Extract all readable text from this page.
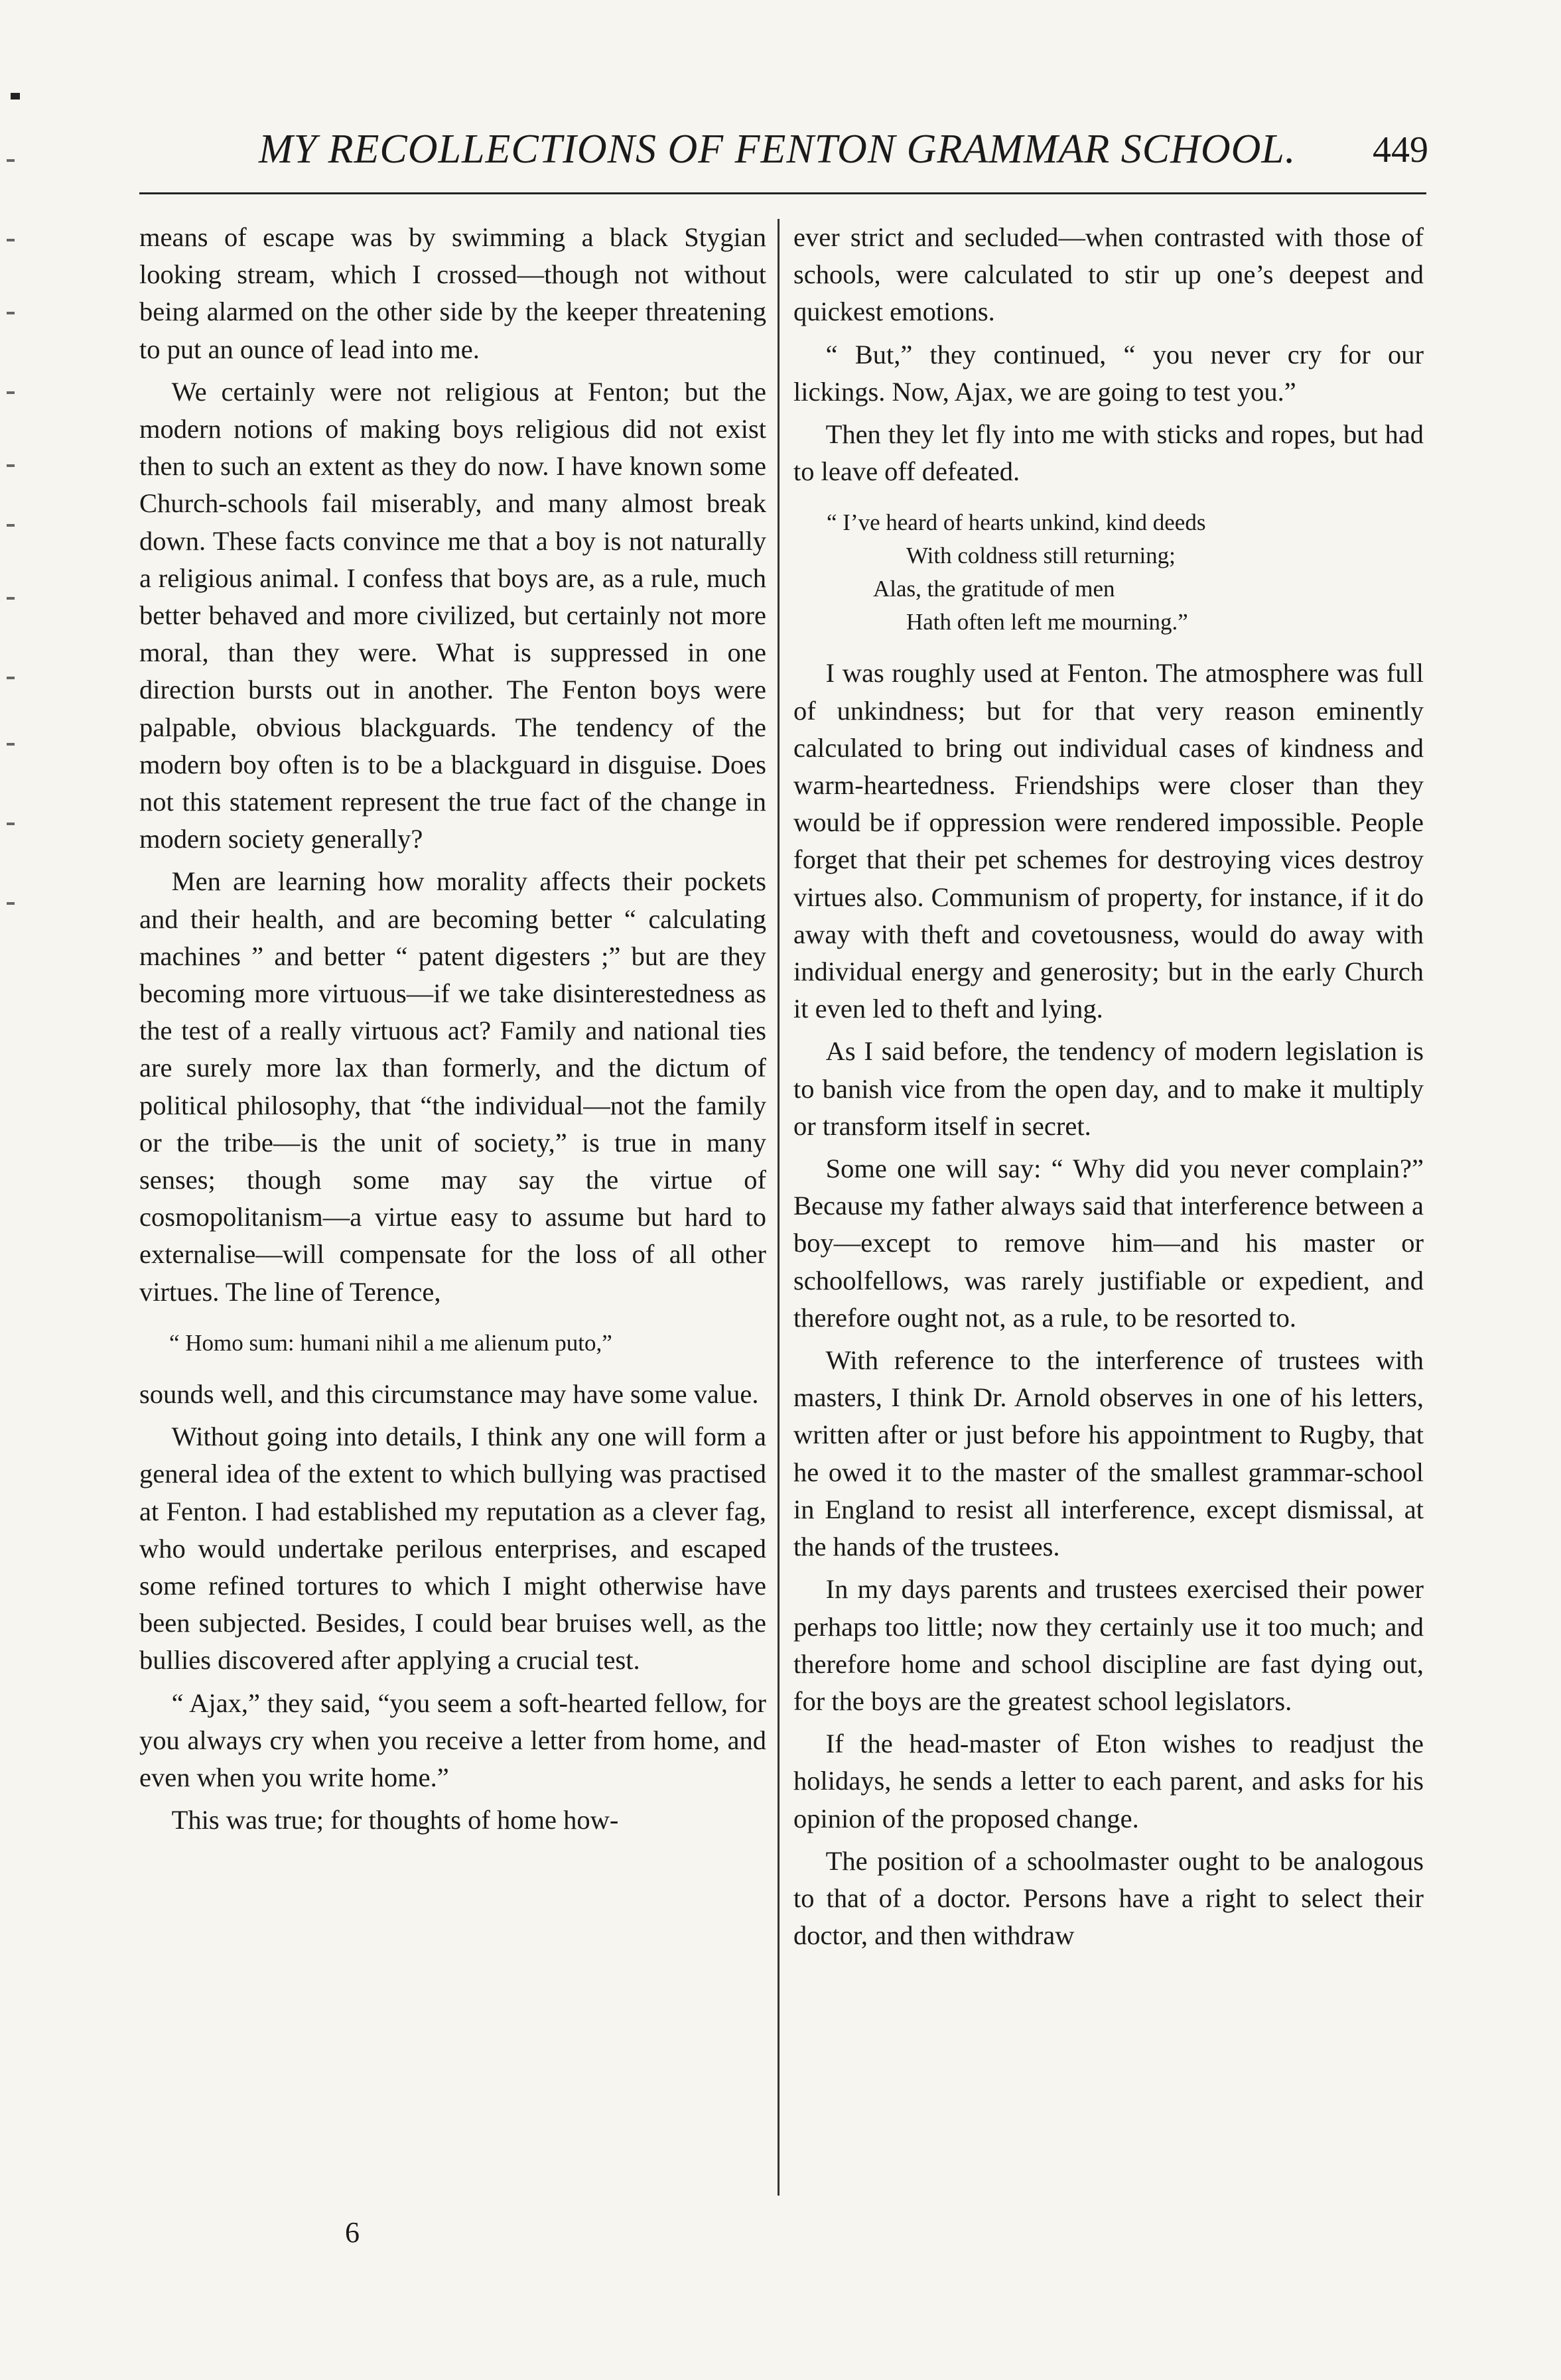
MY RECOLLECTIONS OF FENTON GRAMMAR SCHOOL. 449

means of escape was by swimming a black Stygian looking stream, which I crossed—though not without being alarmed on the other side by the keeper threatening to put an ounce of lead into me.

We certainly were not religious at Fenton; but the modern notions of making boys religious did not exist then to such an extent as they do now. I have known some Church-schools fail miserably, and many almost break down. These facts convince me that a boy is not naturally a religious animal. I confess that boys are, as a rule, much better behaved and more civilized, but certainly not more moral, than they were. What is suppressed in one direction bursts out in another. The Fenton boys were palpable, obvious blackguards. The tendency of the modern boy often is to be a blackguard in disguise. Does not this statement represent the true fact of the change in modern society generally?

Men are learning how morality affects their pockets and their health, and are becoming better “ calculating machines ” and better “ patent digesters ;” but are they becoming more virtuous—if we take disinterestedness as the test of a really virtuous act? Family and national ties are surely more lax than formerly, and the dictum of political philosophy, that “the individual—not the family or the tribe—is the unit of society,” is true in many senses; though some may say the virtue of cosmopolitanism—a virtue easy to assume but hard to externalise—will compensate for the loss of all other virtues. The line of Terence,

“ Homo sum: humani nihil a me alienum puto,”

sounds well, and this circumstance may have some value.

Without going into details, I think any one will form a general idea of the extent to which bullying was practised at Fenton. I had established my reputation as a clever fag, who would undertake perilous enterprises, and escaped some refined tortures to which I might otherwise have been subjected. Besides, I could bear bruises well, as the bullies discovered after applying a crucial test.

“ Ajax,” they said, “you seem a soft-hearted fellow, for you always cry when you receive a letter from home, and even when you write home.”

This was true; for thoughts of home how-

ever strict and secluded—when contrasted with those of schools, were calculated to stir up one’s deepest and quickest emotions.

“ But,” they continued, “ you never cry for our lickings. Now, Ajax, we are going to test you.”

Then they let fly into me with sticks and ropes, but had to leave off defeated.

“ I’ve heard of hearts unkind, kind deeds
With coldness still returning;
Alas, the gratitude of men
Hath often left me mourning.”

I was roughly used at Fenton. The atmosphere was full of unkindness; but for that very reason eminently calculated to bring out individual cases of kindness and warm-heartedness. Friendships were closer than they would be if oppression were rendered impossible. People forget that their pet schemes for destroying vices destroy virtues also. Communism of property, for instance, if it do away with theft and covetousness, would do away with individual energy and generosity; but in the early Church it even led to theft and lying.

As I said before, the tendency of modern legislation is to banish vice from the open day, and to make it multiply or transform itself in secret.

Some one will say: “ Why did you never complain?” Because my father always said that interference between a boy—except to remove him—and his master or schoolfellows, was rarely justifiable or expedient, and therefore ought not, as a rule, to be resorted to.

With reference to the interference of trustees with masters, I think Dr. Arnold observes in one of his letters, written after or just before his appointment to Rugby, that he owed it to the master of the smallest grammar-school in England to resist all interference, except dismissal, at the hands of the trustees.

In my days parents and trustees exercised their power perhaps too little; now they certainly use it too much; and therefore home and school discipline are fast dying out, for the boys are the greatest school legislators.

If the head-master of Eton wishes to readjust the holidays, he sends a letter to each parent, and asks for his opinion of the proposed change.

The position of a schoolmaster ought to be analogous to that of a doctor. Persons have a right to select their doctor, and then withdraw

6
